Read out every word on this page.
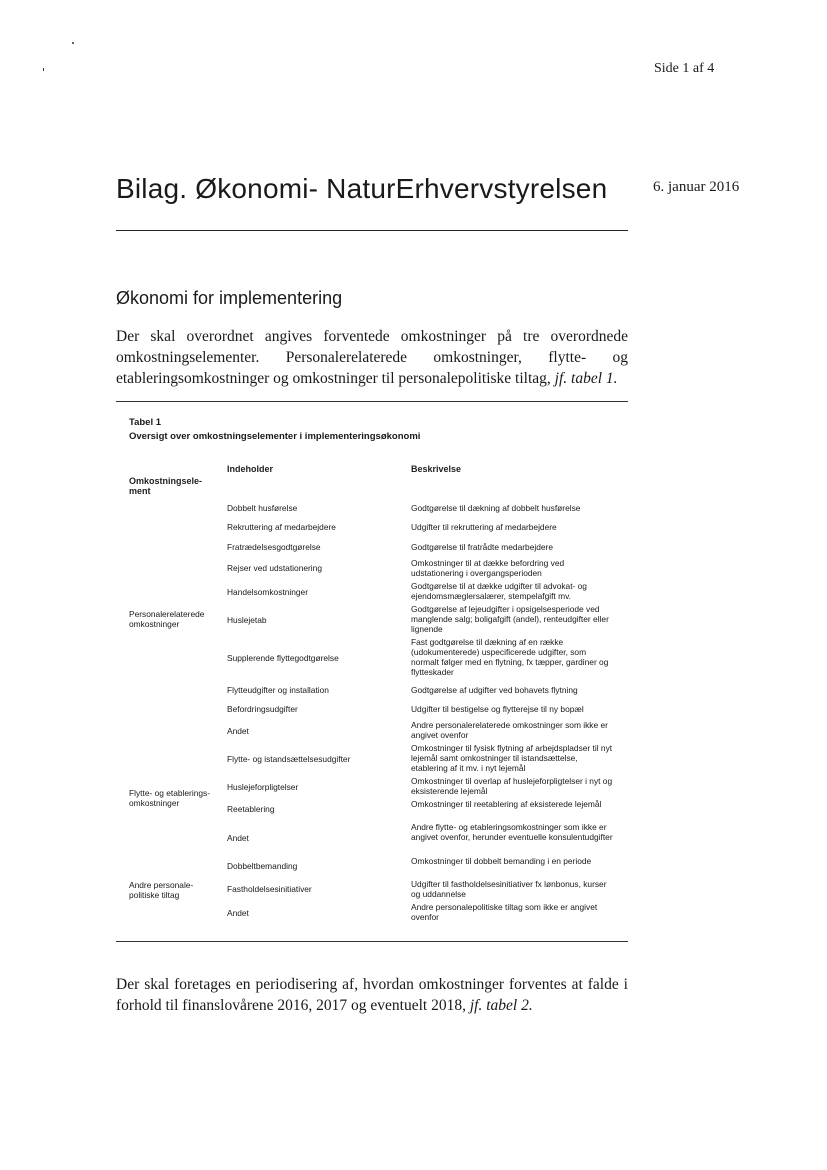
Side 1 af 4
Bilag. Økonomi- NaturErhvervstyrelsen	6. januar 2016
Økonomi for implementering
Der skal overordnet angives forventede omkostninger på tre overordnede omkostningselementer. Personalerelaterede omkostninger, flytte- og etableringsomkostninger og omkostninger til personalepolitiske tiltag, jf. tabel 1.
Tabel 1
Oversigt over omkostningselementer i implementeringsøkonomi
Omkostningsele-ment
Indeholder	Beskrivelse
Personalerelaterede omkostninger
Flytte- og etablerings-omkostninger
Andre personale-politiske tiltag
Dobbelt husførelse
Rekruttering af medarbejdere
Fratrædelsesgodtgørelse
Rejser ved udstationering
Handelsomkostninger
Huslejetab
Supplerende flyttegodtgørelse
Flytteudgifter og installation
Befordringsudgifter
Andet
Flytte- og istandsættelsesudgifter
Huslejeforpligtelser
Reetablering
Andet
Dobbeltbemanding
Fastholdelsesinitiativer
Andet
Godtgørelse til dækning af dobbelt husførelse
Udgifter til rekruttering af medarbejdere
Godtgørelse til fratrådte medarbejdere
Omkostninger til at dække befordring ved udstationering i overgangsperioden
Godtgørelse til at dække udgifter til advokat- og ejendomsmæglersalærer, stempelafgift mv.
Godtgørelse af lejeudgifter i opsigelsesperiode ved manglende salg; boligafgift (andel), renteudgifter eller lignende
Fast godtgørelse til dækning af en række (udokumenterede) uspecificerede udgifter, som normalt følger med en flytning, fx tæpper, gardiner og flytteskader
Godtgørelse af udgifter ved bohavets flytning
Udgifter til bestigelse og flytterejse til ny bopæl
Andre personalerelaterede omkostninger som ikke er angivet ovenfor
Omkostninger til fysisk flytning af arbejdspladser til nyt lejemål samt omkostninger til istandsættelse, etablering af it mv. i nyt lejemål
Omkostninger til overlap af huslejeforpligtelser i nyt og eksisterende lejemål
Omkostninger til reetablering af eksisterede lejemål
Andre flytte- og etableringsomkostninger som ikke er angivet ovenfor, herunder eventuelle konsulentudgifter
Omkostninger til dobbelt bemanding i en periode
Udgifter til fastholdelsesinitiativer fx lønbonus, kurser og uddannelse
Andre personalepolitiske tiltag som ikke er angivet ovenfor
Der skal foretages en periodisering af, hvordan omkostninger forventes at falde i forhold til finanslovårene 2016, 2017 og eventuelt 2018, jf. tabel 2.
